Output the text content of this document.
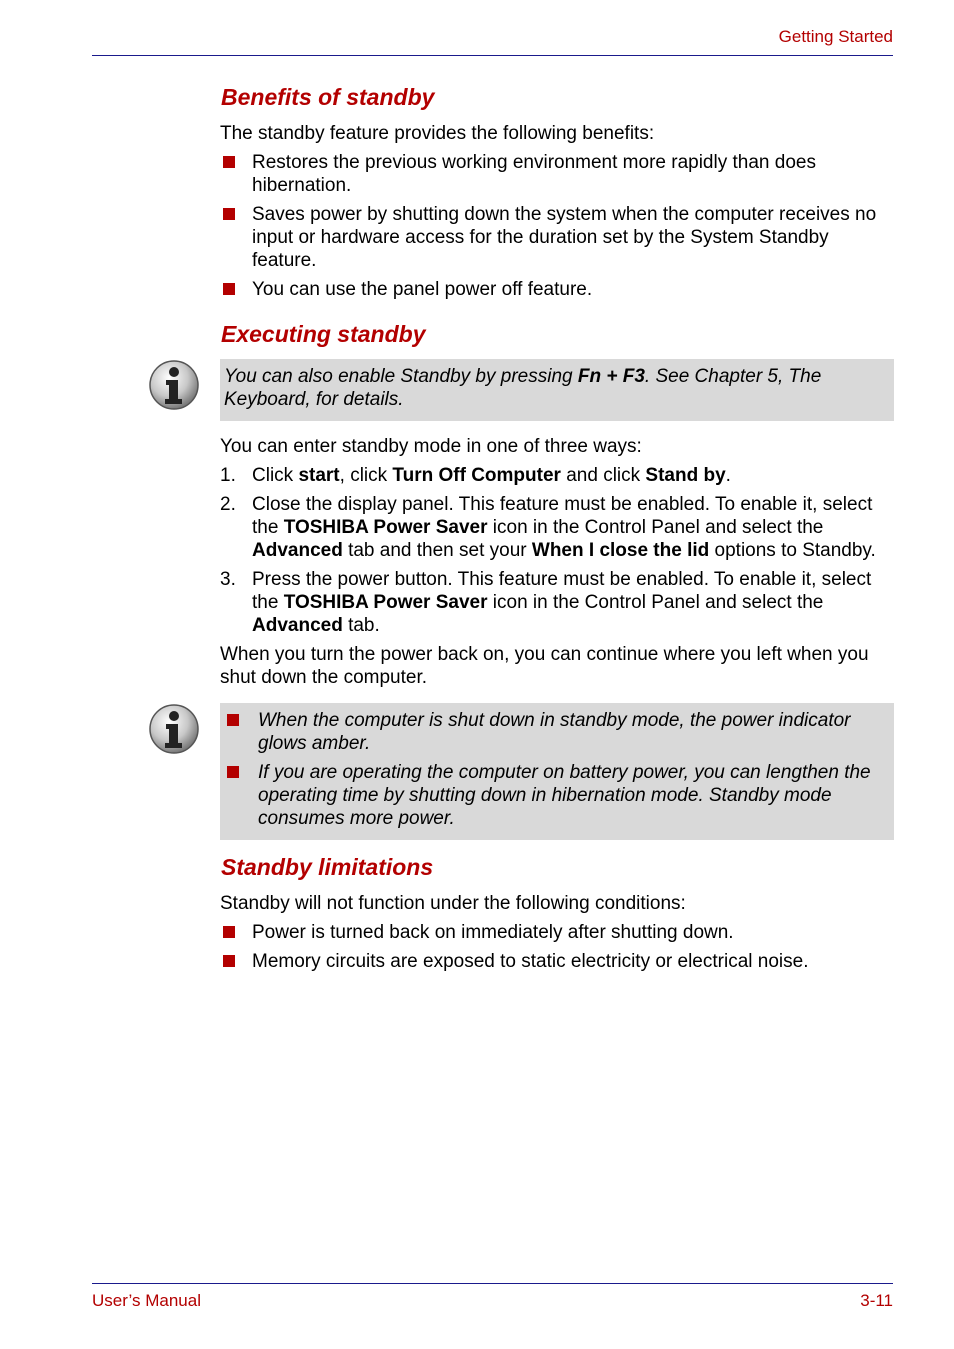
Getting Started
Benefits of standby

The standby feature provides the following benefits:

Restores the previous working environment more rapidly than does hibernation.
Saves power by shutting down the system when the computer receives no input or hardware access for the duration set by the System Standby feature.
You can use the panel power off feature.
Executing standby

You can also enable Standby by pressing Fn + F3. See Chapter 5, The Keyboard, for details.

You can enter standby mode in one of three ways:

1. Click start, click Turn Off Computer and click Stand by.
2. Close the display panel. This feature must be enabled. To enable it, select the TOSHIBA Power Saver icon in the Control Panel and select the Advanced tab and then set your When I close the lid options to Standby.
3. Press the power button. This feature must be enabled. To enable it, select the TOSHIBA Power Saver icon in the Control Panel and select the Advanced tab.

When you turn the power back on, you can continue where you left when you shut down the computer.

When the computer is shut down in standby mode, the power indicator glows amber.
If you are operating the computer on battery power, you can lengthen the operating time by shutting down in hibernation mode. Standby mode consumes more power.
Standby limitations

Standby will not function under the following conditions:

Power is turned back on immediately after shutting down.
Memory circuits are exposed to static electricity or electrical noise.
User’s Manual	3-11
